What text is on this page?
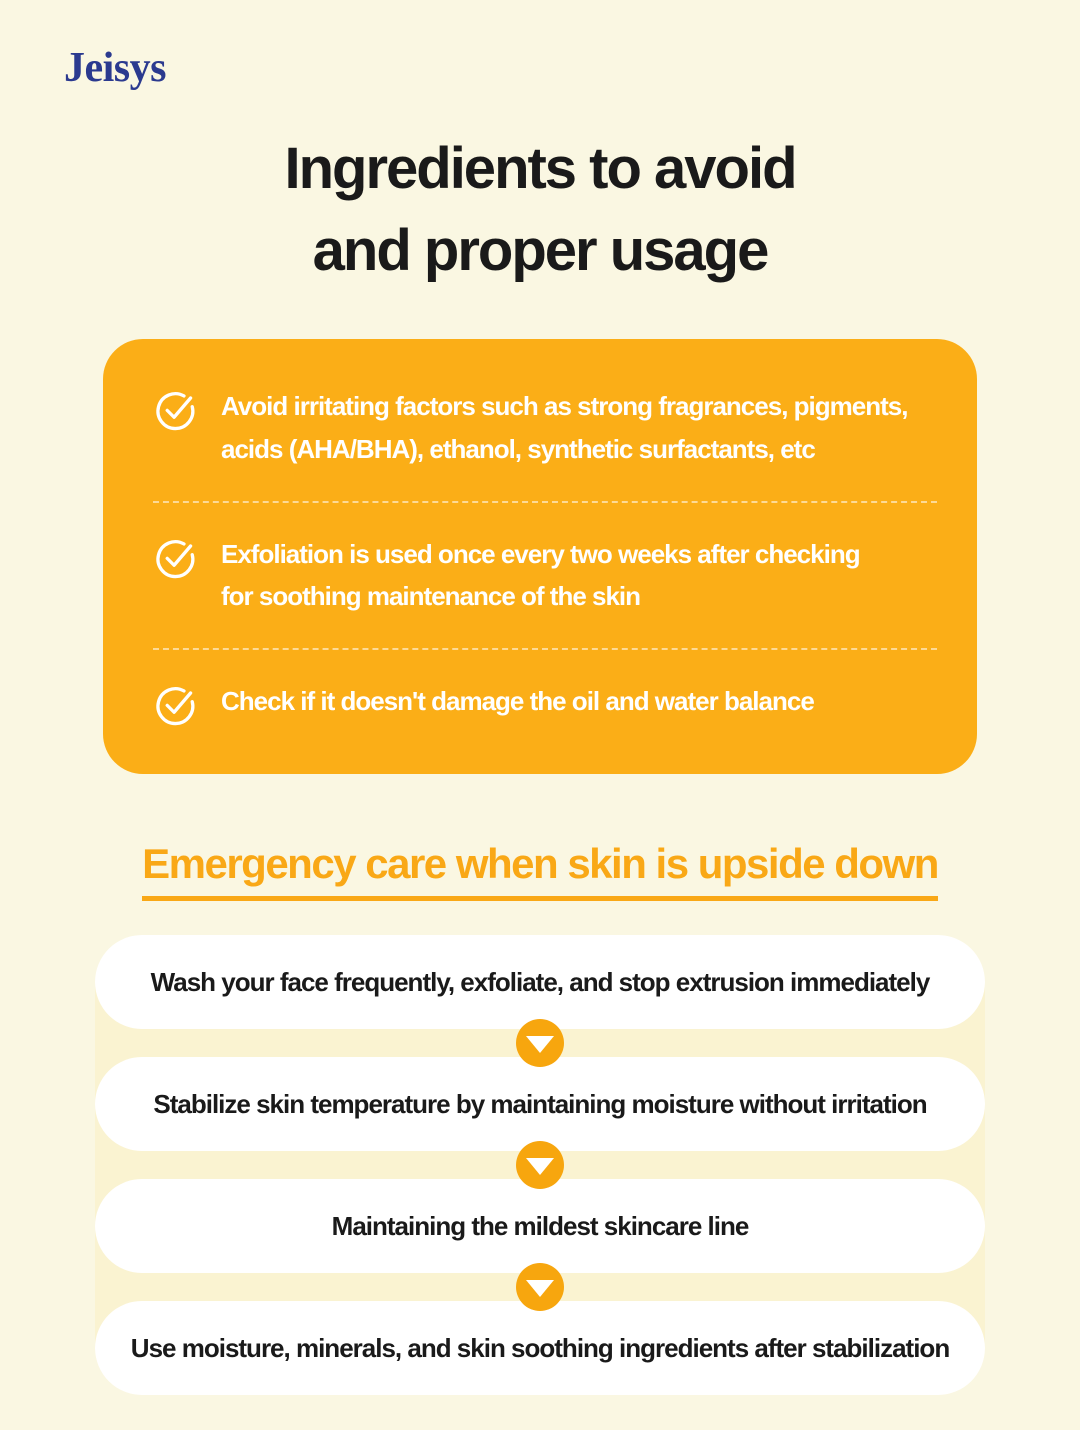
Jeisys
Ingredients to avoid
and proper usage
Avoid irritating factors such as strong fragrances, pigments,
acids (AHA/BHA), ethanol, synthetic surfactants, etc
Exfoliation is used once every two weeks after checking
for soothing maintenance of the skin
Check if it doesn't damage the oil and water balance
Emergency care when skin is upside down
Wash your face frequently, exfoliate, and stop extrusion immediately
Stabilize skin temperature by maintaining moisture without irritation
Maintaining the mildest skincare line
Use moisture, minerals, and skin soothing ingredients after stabilization
